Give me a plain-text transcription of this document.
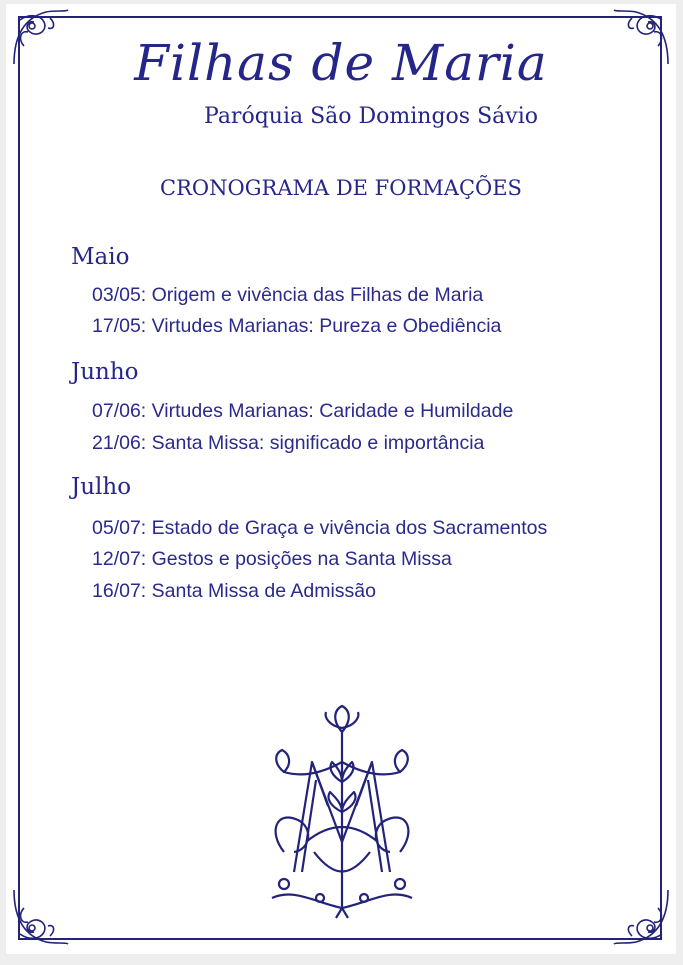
Filhas de Maria
Paróquia São Domingos Sávio
CRONOGRAMA DE FORMAÇÕES
Maio
03/05: Origem e vivência das Filhas de Maria
17/05: Virtudes Marianas: Pureza e Obediência
Junho
07/06: Virtudes Marianas: Caridade e Humildade
21/06: Santa Missa: significado e importância
Julho
05/07: Estado de Graça e vivência dos Sacramentos
12/07: Gestos e posições na Santa Missa
16/07: Santa Missa de Admissão
